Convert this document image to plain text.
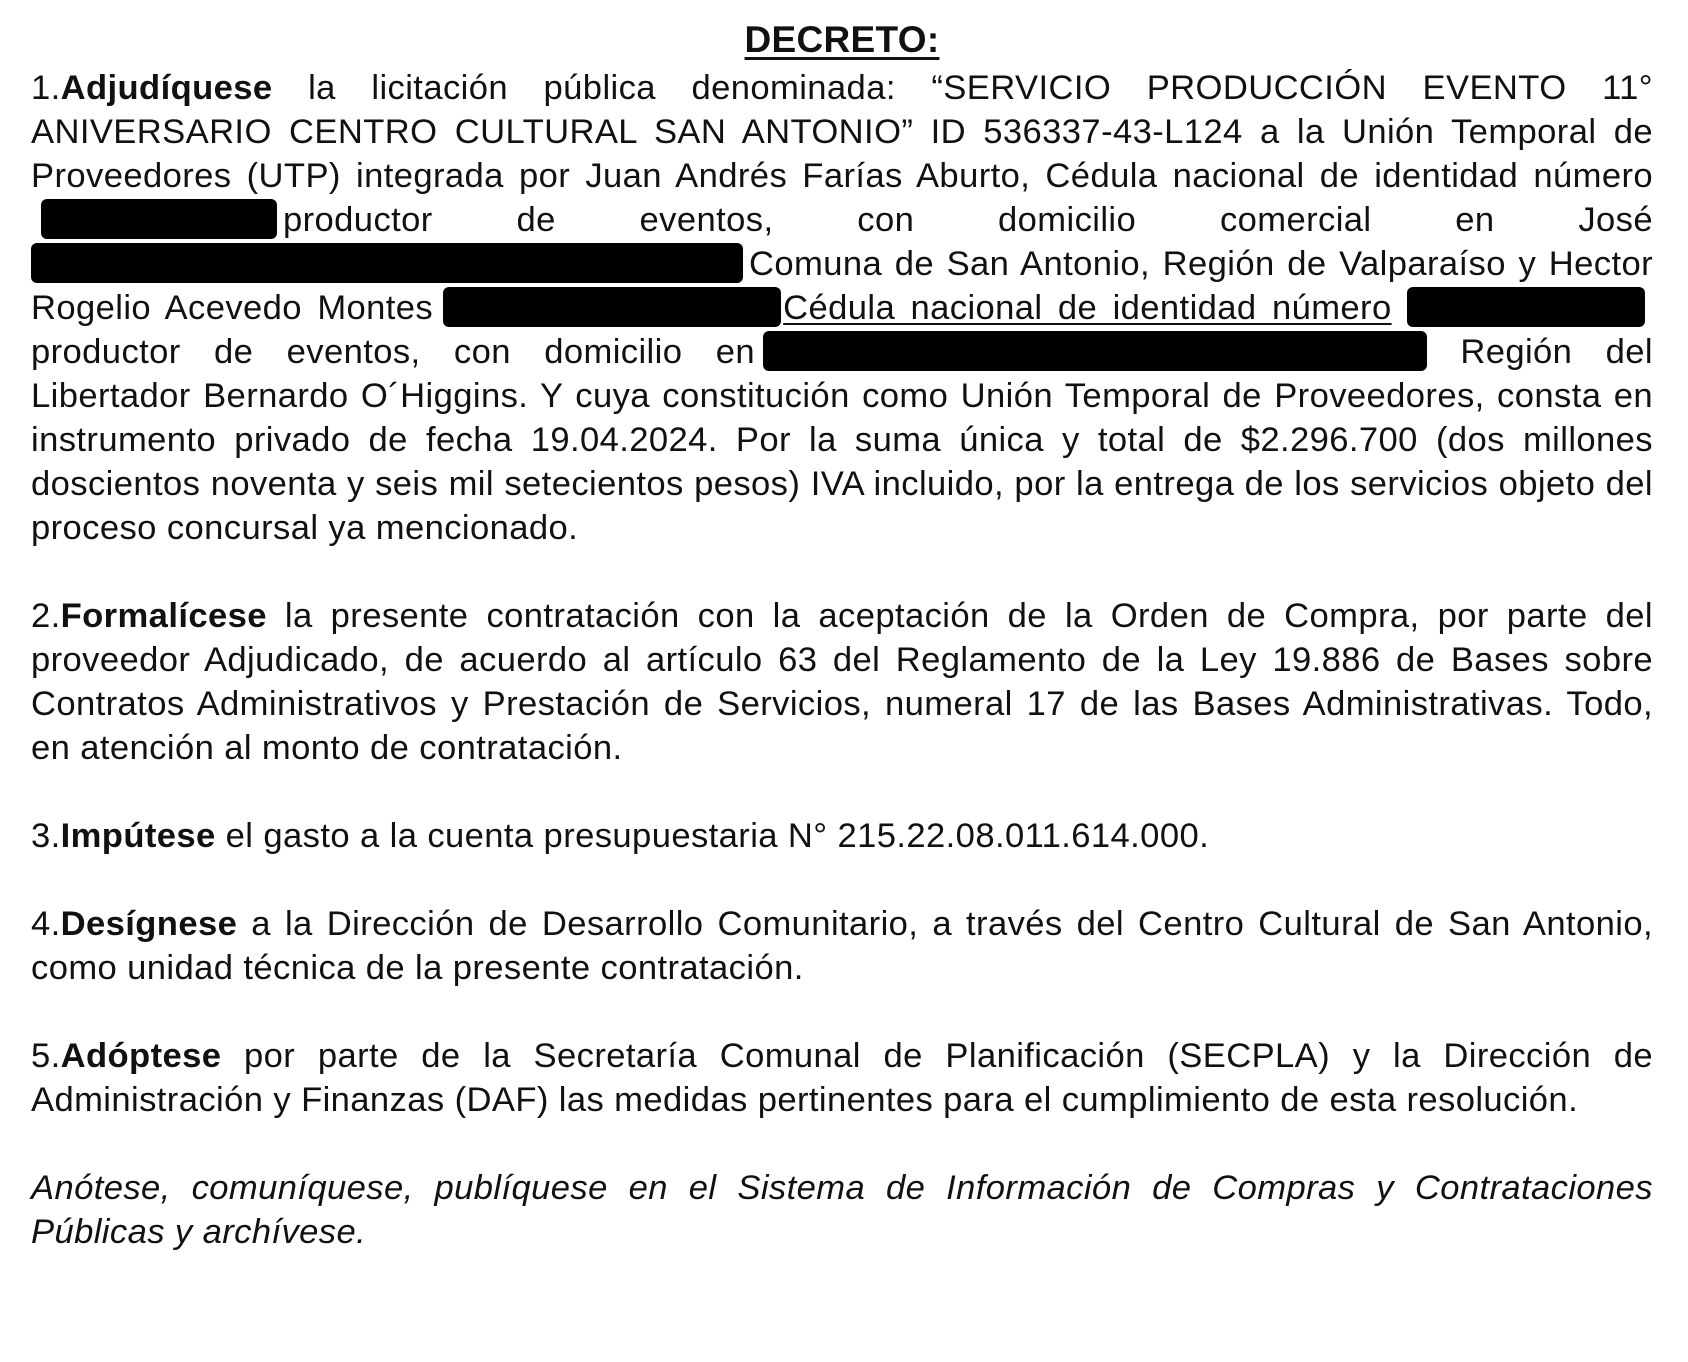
DECRETO:

1.Adjudíquese la licitación pública denominada: “SERVICIO PRODUCCIÓN EVENTO 11° ANIVERSARIO CENTRO CULTURAL SAN ANTONIO” ID 536337-43-L124 a la Unión Temporal de Proveedores (UTP) integrada por Juan Andrés Farías Aburto, Cédula nacional de identidad númeroproductor de eventos, con domicilio comercial en José Comuna de San Antonio, Región de Valparaíso y Hector Rogelio Acevedo Montes	Cédula nacional de identidad número productor de eventos, con domicilio en	Región del Libertador Bernardo O´Higgins. Y cuya constitución como Unión Temporal de Proveedores, consta en instrumento privado de fecha 19.04.2024. Por la suma única y total de $2.296.700 (dos millones doscientos noventa y seis mil setecientos pesos) IVA incluido, por la entrega de los servicios objeto del proceso concursal ya mencionado.

2.Formalícese la presente contratación con la aceptación de la Orden de Compra, por parte del proveedor Adjudicado, de acuerdo al artículo 63 del Reglamento de la Ley 19.886 de Bases sobre Contratos Administrativos y Prestación de Servicios, numeral 17 de las Bases Administrativas. Todo, en atención al monto de contratación.

3.Impútese el gasto a la cuenta presupuestaria N° 215.22.08.011.614.000.

4.Desígnese a la Dirección de Desarrollo Comunitario, a través del Centro Cultural de San Antonio, como unidad técnica de la presente contratación.

5.Adóptese por parte de la Secretaría Comunal de Planificación (SECPLA) y la Dirección de Administración y Finanzas (DAF) las medidas pertinentes para el cumplimiento de esta resolución.

Anótese, comuníquese, publíquese en el Sistema de Información de Compras y Contrataciones Públicas y archívese.
